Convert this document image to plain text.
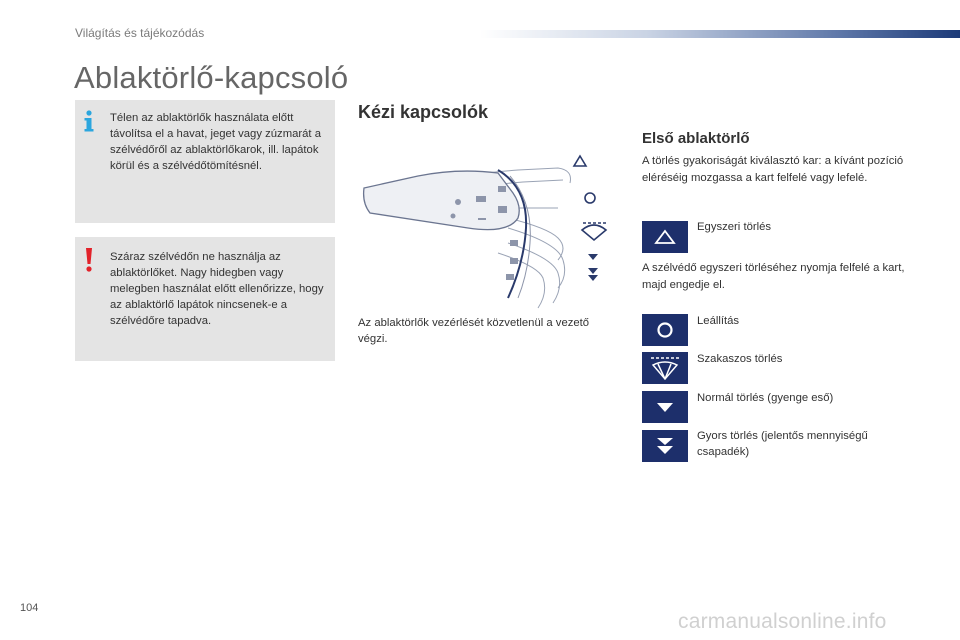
Világítás és tájékozódás
Ablaktörlő-kapcsoló
Télen az ablaktörlők használata előtt távolítsa el a havat, jeget vagy zúzmarát a szélvédőről az ablaktörlőkarok, ill. lapátok körül és a szélvédőtömítésnél.
Száraz szélvédőn ne használja az ablaktörlőket. Nagy hidegben vagy melegben használat előtt ellenőrizze, hogy az ablaktörlő lapátok nincsenek-e a szélvédőre tapadva.
Kézi kapcsolók
Az ablaktörlők vezérlését közvetlenül a vezető végzi.
Első ablaktörlő
A törlés gyakoriságát kiválasztó kar: a kívánt pozíció eléréséig mozgassa a kart felfelé vagy lefelé.
Egyszeri törlés
A szélvédő egyszeri törléséhez nyomja felfelé a kart, majd engedje el.
Leállítás
Szakaszos törlés
Normál törlés (gyenge eső)
Gyors törlés (jelentős mennyiségű csapadék)
104
carmanualsonline.info
